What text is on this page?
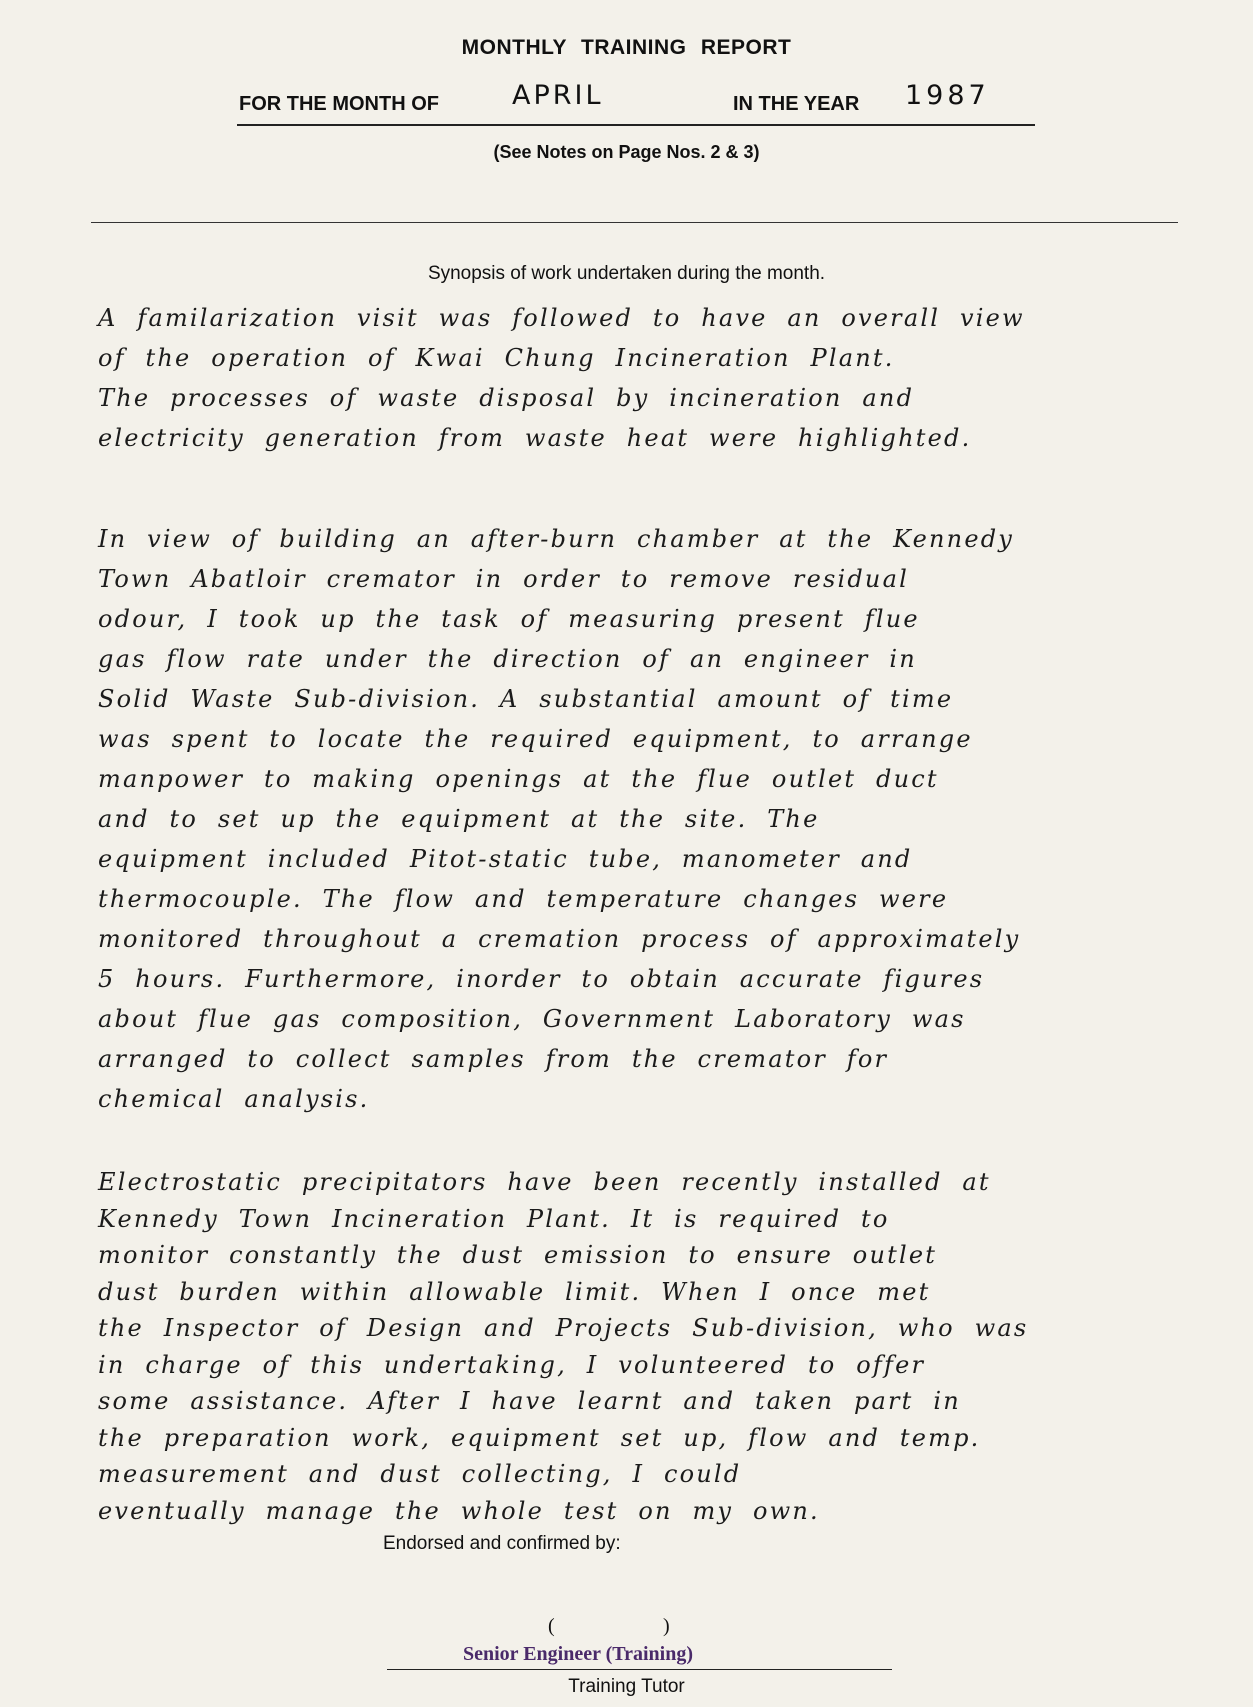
MONTHLY TRAINING REPORT
FOR THE MONTH OF	APRIL	IN THE YEAR 1987
(See Notes on Page Nos. 2 & 3)
Synopsis of work undertaken during the month.
A familarization visit was followed to have an overall view
of the operation of Kwai Chung Incineration Plant.
The processes of waste disposal by incineration and
electricity generation from waste heat were highlighted.
In view of building an after-burn chamber at the Kennedy
Town Abatloir cremator in order to remove residual
odour, I took up the task of measuring present flue
gas flow rate under the direction of an engineer in
Solid Waste Sub-division. A substantial amount of time
was spent to locate the required equipment, to arrange
manpower to making openings at the flue outlet duct
and to set up the equipment at the site. The
equipment included Pitot-static tube, manometer and
thermocouple. The flow and temperature changes were
monitored throughout a cremation process of approximately
5 hours. Furthermore, inorder to obtain accurate figures
about flue gas composition, Government Laboratory was
arranged to collect samples from the cremator for
chemical analysis.
Electrostatic precipitators have been recently installed at
Kennedy Town Incineration Plant. It is required to
monitor constantly the dust emission to ensure outlet
dust burden within allowable limit. When I once met
the Inspector of Design and Projects Sub-division, who was
in charge of this undertaking, I volunteered to offer
some assistance. After I have learnt and taken part in
the preparation work, equipment set up, flow and temp.
measurement and dust collecting, I could
eventually manage the whole test on my own.
Endorsed and confirmed by:
(	)
Senior Engineer (Training)
Training Tutor
